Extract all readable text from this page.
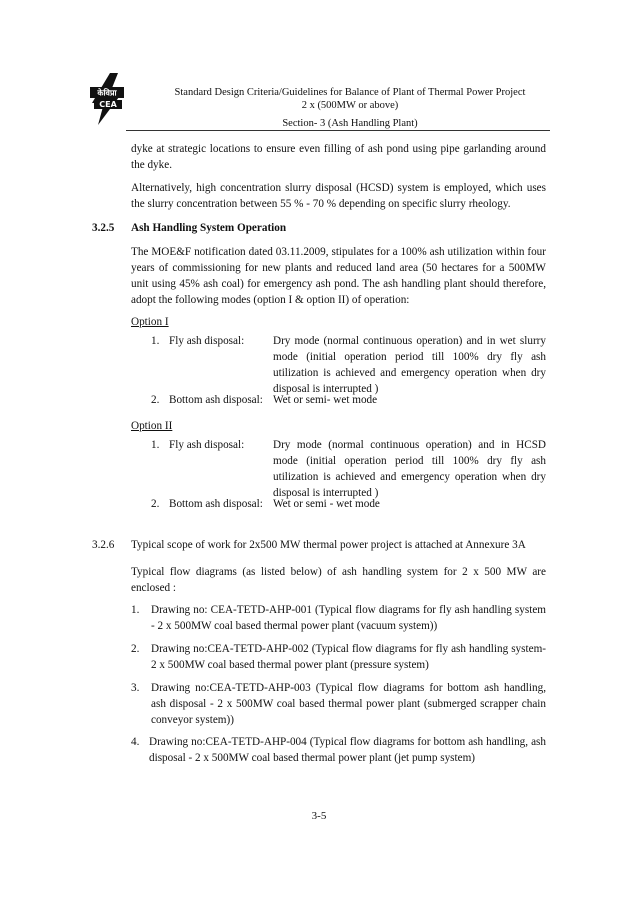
केविप्रा
CEA
Standard Design Criteria/Guidelines for Balance of Plant of Thermal Power Project
2 x (500MW or above)
Section- 3 (Ash Handling Plant)
dyke at strategic locations to ensure even filling of ash pond using pipe garlanding around the dyke.
Alternatively, high concentration slurry disposal (HCSD) system is employed, which uses the slurry concentration between 55 % - 70 % depending on specific slurry rheology.
3.2.5 Ash Handling System Operation
The MOE&F notification dated 03.11.2009, stipulates for a 100% ash utilization within four years of commissioning for new plants and reduced land area (50 hectares for a 500MW unit using 45% ash coal) for emergency ash pond. The ash handling plant should therefore, adopt the following modes (option I & option II) of operation:
Option I
1. Fly ash disposal:	Dry mode (normal continuous operation) and in wet slurry mode (initial operation period till 100% dry fly ash utilization is achieved and emergency operation when dry disposal is interrupted )
2. Bottom ash disposal: Wet or semi- wet mode
Option II
1. Fly ash disposal:	Dry mode (normal continuous operation) and in HCSD mode (initial operation period till 100% dry fly ash utilization is achieved and emergency operation when dry disposal is interrupted )
2. Bottom ash disposal: Wet or semi - wet mode
3.2.6 Typical scope of work for 2x500 MW thermal power project is attached at Annexure 3A
Typical flow diagrams (as listed below) of ash handling system for 2 x 500 MW are enclosed :
1. Drawing no: CEA-TETD-AHP-001 (Typical flow diagrams for fly ash handling system - 2 x 500MW coal based thermal power plant (vacuum system))
2. Drawing no:CEA-TETD-AHP-002 (Typical flow diagrams for fly ash handling system- 2 x 500MW coal based thermal power plant (pressure system)
3. Drawing no:CEA-TETD-AHP-003 (Typical flow diagrams for bottom ash handling, ash disposal - 2 x 500MW coal based thermal power plant (submerged scrapper chain conveyor system))
4. Drawing no:CEA-TETD-AHP-004 (Typical flow diagrams for bottom ash handling, ash disposal - 2 x 500MW coal based thermal power plant (jet pump system)
3-5
